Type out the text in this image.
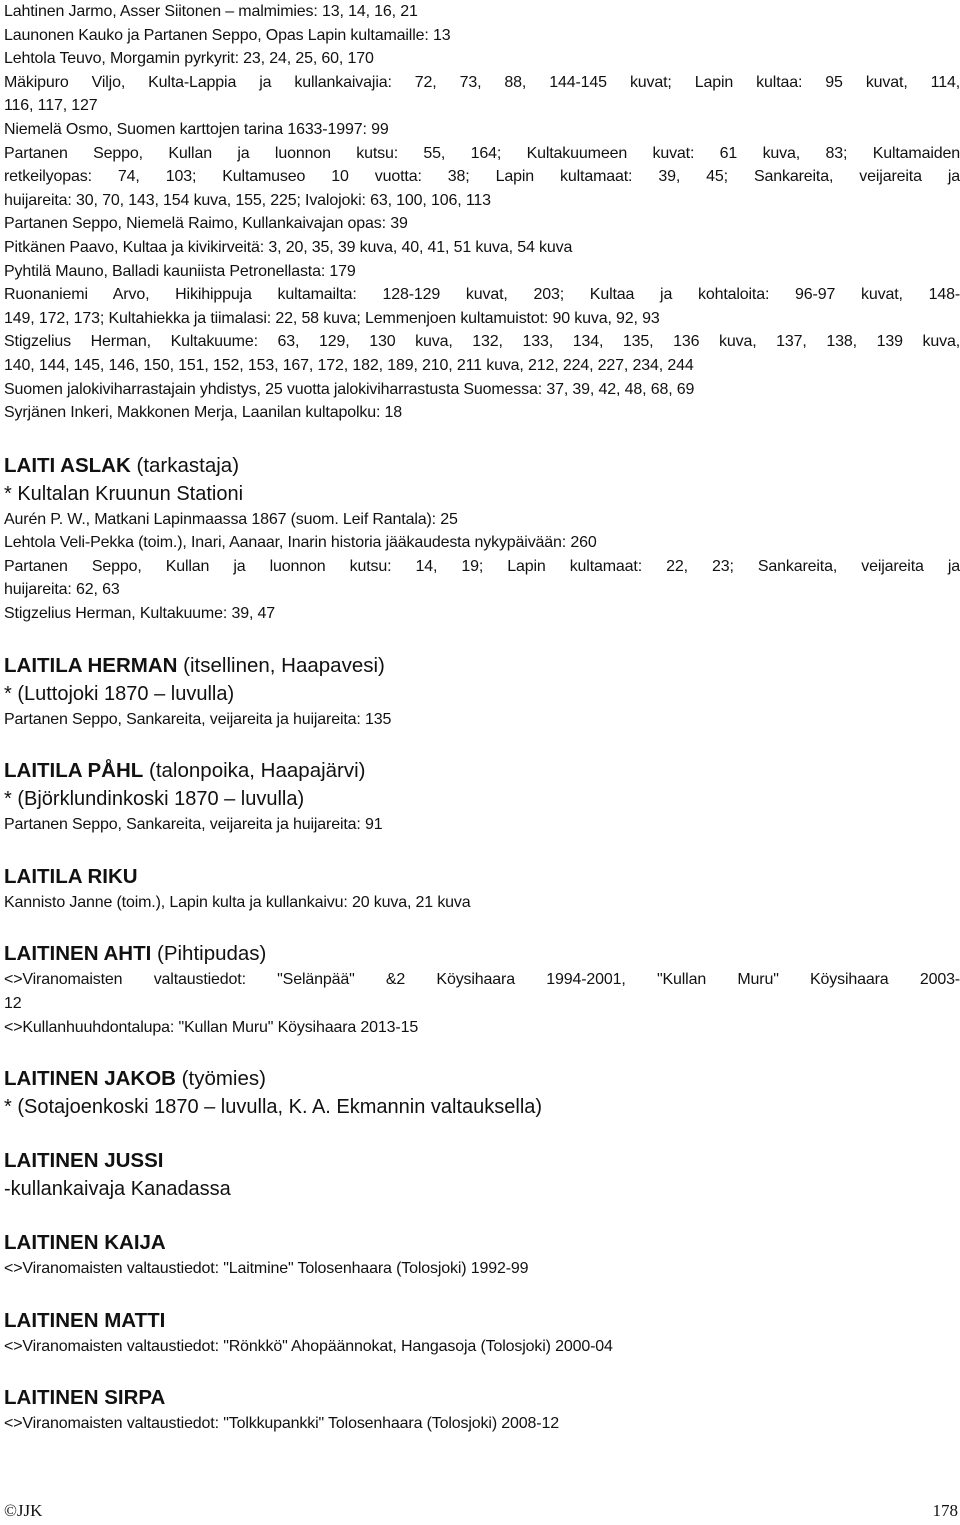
Lahtinen Jarmo, Asser Siitonen – malmimies: 13, 14, 16, 21
Launonen Kauko ja Partanen Seppo, Opas Lapin kultamaille: 13
Lehtola Teuvo, Morgamin pyrkyrit: 23, 24, 25, 60, 170
Mäkipuro Viljo, Kulta-Lappia ja kullankaivajia: 72, 73, 88, 144-145 kuvat; Lapin kultaa: 95 kuvat, 114,
116, 117, 127
Niemelä Osmo, Suomen karttojen tarina 1633-1997: 99
Partanen Seppo, Kullan ja luonnon kutsu: 55, 164; Kultakuumeen kuvat: 61 kuva, 83; Kultamaiden
retkeilyopas: 74, 103; Kultamuseo 10 vuotta: 38; Lapin kultamaat: 39, 45; Sankareita, veijareita ja
huijareita: 30, 70, 143, 154 kuva, 155, 225; Ivalojoki: 63, 100, 106, 113
Partanen Seppo, Niemelä Raimo, Kullankaivajan opas: 39
Pitkänen Paavo, Kultaa ja kivikirveitä: 3, 20, 35, 39 kuva, 40, 41, 51 kuva, 54 kuva
Pyhtilä Mauno, Balladi kauniista Petronellasta: 179
Ruonaniemi Arvo, Hikihippuja kultamailta: 128-129 kuvat, 203; Kultaa ja kohtaloita: 96-97 kuvat, 148-
149, 172, 173; Kultahiekka ja tiimalasi: 22, 58 kuva; Lemmenjoen kultamuistot: 90 kuva, 92, 93
Stigzelius Herman, Kultakuume: 63, 129, 130 kuva, 132, 133, 134, 135, 136 kuva, 137, 138, 139 kuva,
140, 144, 145, 146, 150, 151, 152, 153, 167, 172, 182, 189, 210, 211 kuva, 212, 224, 227, 234, 244
Suomen jalokiviharrastajain yhdistys, 25 vuotta jalokiviharrastusta Suomessa: 37, 39, 42, 48, 68, 69
Syrjänen Inkeri, Makkonen Merja, Laanilan kultapolku: 18
LAITI ASLAK (tarkastaja)
* Kultalan Kruunun Stationi
Aurén P. W., Matkani Lapinmaassa 1867 (suom. Leif Rantala): 25
Lehtola Veli-Pekka (toim.), Inari, Aanaar, Inarin historia jääkaudesta nykypäivään: 260
Partanen Seppo, Kullan ja luonnon kutsu: 14, 19; Lapin kultamaat: 22, 23; Sankareita, veijareita ja
huijareita: 62, 63
Stigzelius Herman, Kultakuume: 39, 47
LAITILA HERMAN (itsellinen, Haapavesi)
* (Luttojoki 1870 – luvulla)
Partanen Seppo, Sankareita, veijareita ja huijareita: 135
LAITILA PÅHL (talonpoika, Haapajärvi)
* (Björklundinkoski 1870 – luvulla)
Partanen Seppo, Sankareita, veijareita ja huijareita: 91
LAITILA RIKU
Kannisto Janne (toim.), Lapin kulta ja kullankaivu: 20 kuva, 21 kuva
LAITINEN AHTI (Pihtipudas)
<>Viranomaisten valtaustiedot: "Selänpää" &2 Köysihaara 1994-2001, "Kullan Muru" Köysihaara 2003-
12
<>Kullanhuuhdontalupa: "Kullan Muru" Köysihaara 2013-15
LAITINEN JAKOB (työmies)
* (Sotajoenkoski 1870 – luvulla, K. A. Ekmannin valtauksella)
LAITINEN JUSSI
-kullankaivaja Kanadassa
LAITINEN KAIJA
<>Viranomaisten valtaustiedot: "Laitmine" Tolosenhaara (Tolosjoki) 1992-99
LAITINEN MATTI
<>Viranomaisten valtaustiedot: "Rönkkö" Ahopäännokat, Hangasoja (Tolosjoki) 2000-04
LAITINEN SIRPA
<>Viranomaisten valtaustiedot: "Tolkkupankki" Tolosenhaara (Tolosjoki) 2008-12
©JJK	178
